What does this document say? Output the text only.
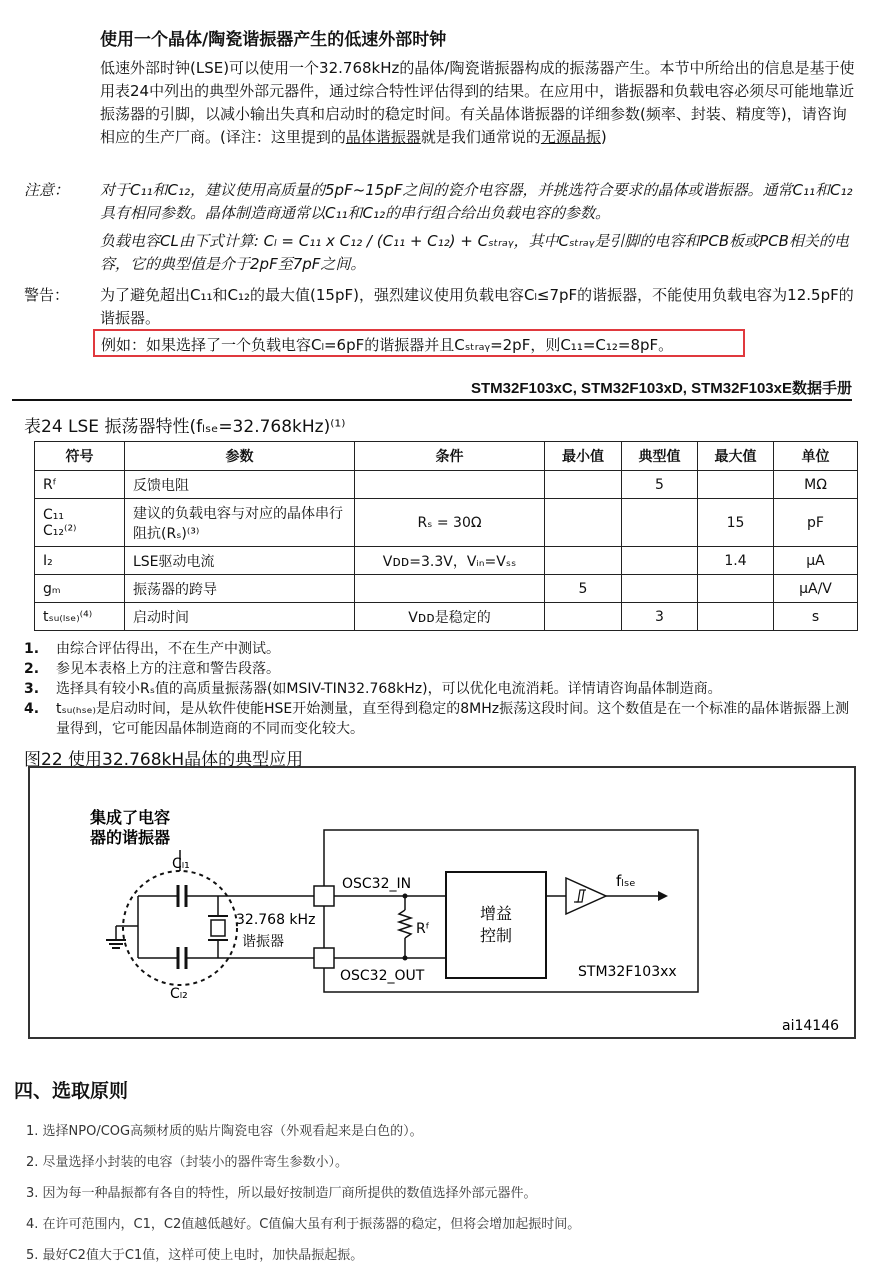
使用一个晶体/陶瓷谐振器产生的低速外部时钟

低速外部时钟(LSE)可以使用一个32.768kHz的晶体/陶瓷谐振器构成的振荡器产生。本节中所给出的信息是基于使用表24中列出的典型外部元器件，通过综合特性评估得到的结果。在应用中，谐振器和负载电容必须尽可能地靠近振荡器的引脚，以减小输出失真和启动时的稳定时间。有关晶体谐振器的详细参数(频率、封装、精度等)，请咨询相应的生产厂商。(译注：这里提到的晶体谐振器就是我们通常说的无源晶振)

注意： 对于C₁₁和C₁₂，建议使用高质量的5pF~15pF之间的瓷介电容器，并挑选符合要求的晶体或谐振器。通常C₁₁和C₁₂具有相同参数。晶体制造商通常以C₁₁和C₁₂的串行组合给出负载电容的参数。
负载电容CL由下式计算: Cₗ = C₁₁ x C₁₂ / (C₁₁ + C₁₂) + Cₛₜᵣₐᵧ，其中Cₛₜᵣₐᵧ是引脚的电容和PCB板或PCB相关的电容，它的典型值是介于2pF至7pF之间。
警告： 为了避免超出C₁₁和C₁₂的最大值(15pF)，强烈建议使用负载电容Cₗ≤7pF的谐振器，不能使用负载电容为12.5pF的谐振器。
例如：如果选择了一个负载电容Cₗ=6pF的谐振器并且Cₛₜᵣₐᵧ=2pF，则C₁₁=C₁₂=8pF。
STM32F103xC, STM32F103xD, STM32F103xE数据手册
表24 LSE 振荡器特性(fₗₛₑ=32.768kHz)⁽¹⁾
符号	参数	条件	最小值	典型值	最大值	单位
Rᶠ	反馈电阻			5		MΩ
C₁₁
C₁₂⁽²⁾	建议的负载电容与对应的晶体串行阻抗(Rₛ)⁽³⁾	Rₛ = 30Ω			15	pF
I₂	LSE驱动电流	Vᴅᴅ=3.3V，Vᵢₙ=Vₛₛ			1.4	μA
gₘ	振荡器的跨导		5			μA/V
tₛᵤ₍ₗₛₑ₎⁽⁴⁾	启动时间	Vᴅᴅ是稳定的		3		s
1.	由综合评估得出，不在生产中测试。
2.	参见本表格上方的注意和警告段落。
3.	选择具有较小Rₛ值的高质量振荡器(如MSIV-TIN32.768kHz)，可以优化电流消耗。详情请咨询晶体制造商。
4.	tₛᵤ₍ₕₛₑ₎是启动时间，是从软件使能HSE开始测量，直至得到稳定的8MHz振荡这段时间。这个数值是在一个标准的晶体谐振器上测量得到，它可能因晶体制造商的不同而变化较大。
图22 使用32.768kH晶体的典型应用
集成了电容
器的谐振器
Cₗ₁
Cₗ₂
32.768 kHz
谐振器
OSC32_IN
OSC32_OUT
Rᶠ
增益
控制
fₗₛₑ
STM32F103xx
ai14146
四、选取原则
1. 选择NPO/COG高频材质的贴片陶瓷电容（外观看起来是白色的）。
2. 尽量选择小封装的电容（封装小的器件寄生参数小）。
3. 因为每一种晶振都有各自的特性，所以最好按制造厂商所提供的数值选择外部元器件。
4. 在许可范围内，C1，C2值越低越好。C值偏大虽有利于振荡器的稳定，但将会增加起振时间。
5. 最好C2值大于C1值，这样可使上电时，加快晶振起振。
